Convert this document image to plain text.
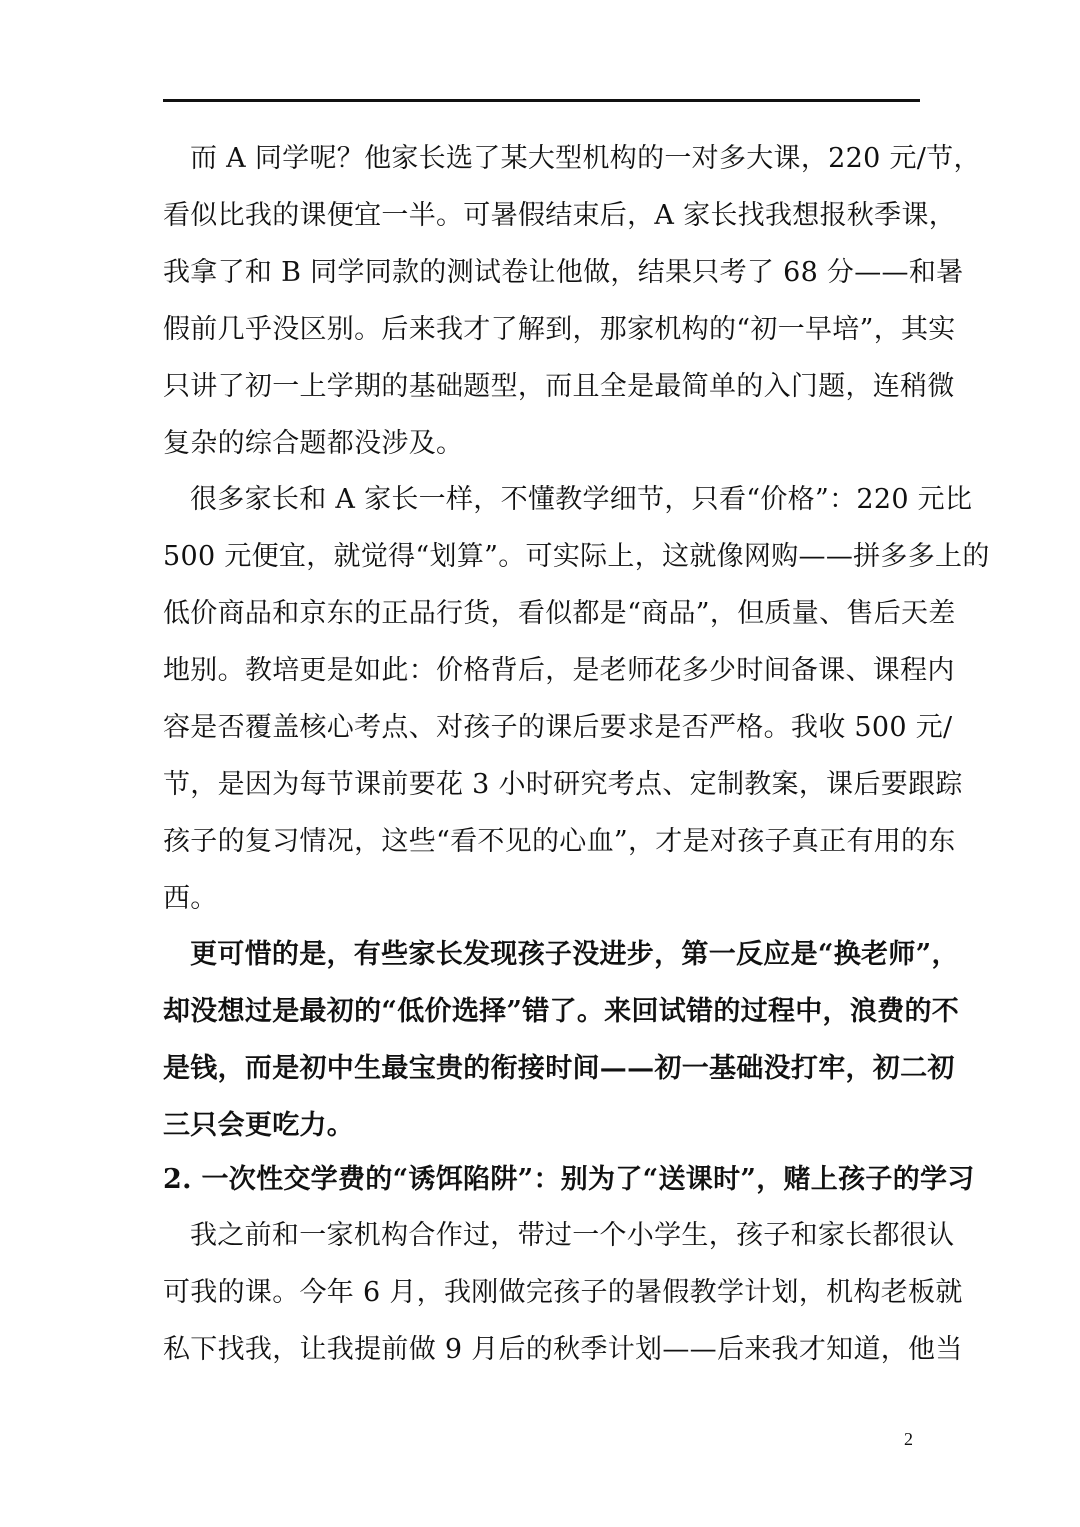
而 A 同学呢？他家长选了某大型机构的一对多大课，220 元/节，
看似比我的课便宜一半。可暑假结束后，A 家长找我想报秋季课，
我拿了和 B 同学同款的测试卷让他做，结果只考了 68 分——和暑
假前几乎没区别。后来我才了解到，那家机构的“初一早培”，其实
只讲了初一上学期的基础题型，而且全是最简单的入门题，连稍微
复杂的综合题都没涉及。
很多家长和 A 家长一样，不懂教学细节，只看“价格”：220 元比
500 元便宜，就觉得“划算”。可实际上，这就像网购——拼多多上的
低价商品和京东的正品行货，看似都是“商品”，但质量、售后天差
地别。教培更是如此：价格背后，是老师花多少时间备课、课程内
容是否覆盖核心考点、对孩子的课后要求是否严格。我收 500 元/
节，是因为每节课前要花 3 小时研究考点、定制教案，课后要跟踪
孩子的复习情况，这些“看不见的心血”，才是对孩子真正有用的东
西。
更可惜的是，有些家长发现孩子没进步，第一反应是“换老师”，
却没想过是最初的“低价选择”错了。来回试错的过程中，浪费的不
是钱，而是初中生最宝贵的衔接时间——初一基础没打牢，初二初
三只会更吃力。
2. 一次性交学费的“诱饵陷阱”：别为了“送课时”，赌上孩子的学习
我之前和一家机构合作过，带过一个小学生，孩子和家长都很认
可我的课。今年 6 月，我刚做完孩子的暑假教学计划，机构老板就
私下找我，让我提前做 9 月后的秋季计划——后来我才知道，他当
2
